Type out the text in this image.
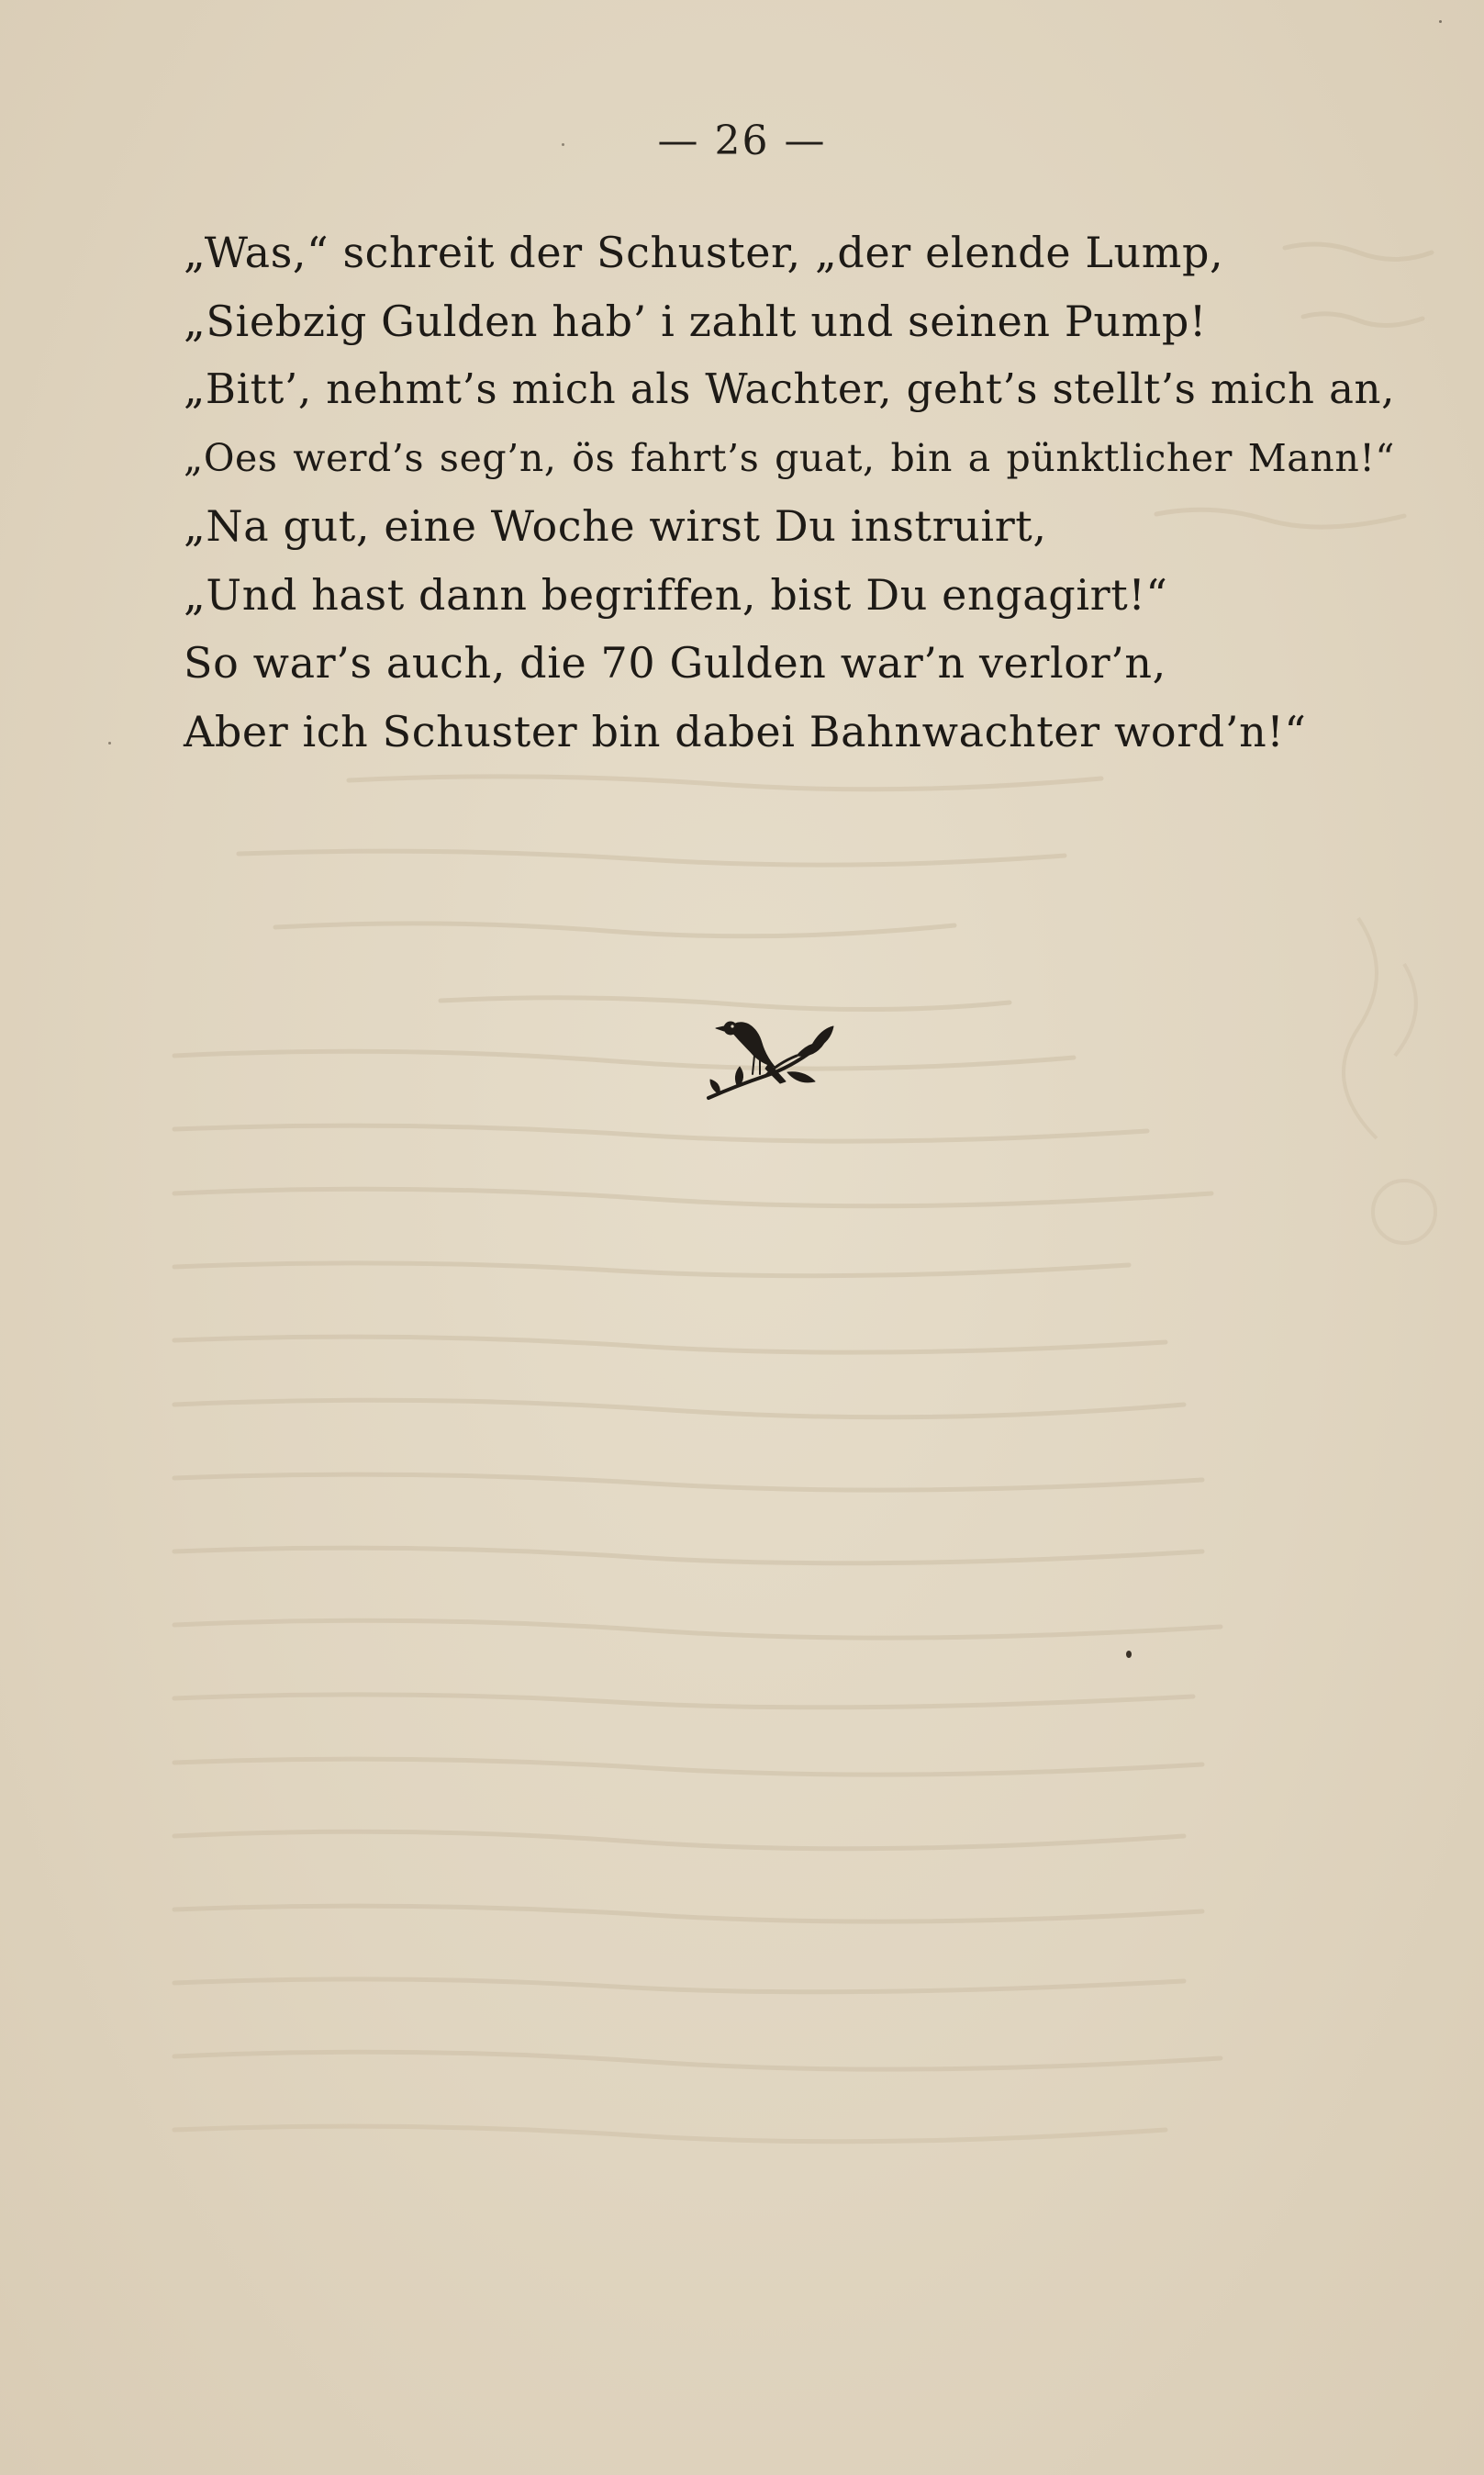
— 26 —
„Was,“ schreit der Schuster, „der elende Lump,
„Siebzig Gulden hab’ i zahlt und seinen Pump!
„Bitt’, nehmt’s mich als Wachter, geht’s stellt’s mich an,
„Oes werd’s seg’n, ös fahrt’s guat, bin a pünktlicher Mann!“
„Na gut, eine Woche wirst Du instruirt,
„Und hast dann begriffen, bist Du engagirt!“
So war’s auch, die 70 Gulden war’n verlor’n,
Aber ich Schuster bin dabei Bahnwachter word’n!“
